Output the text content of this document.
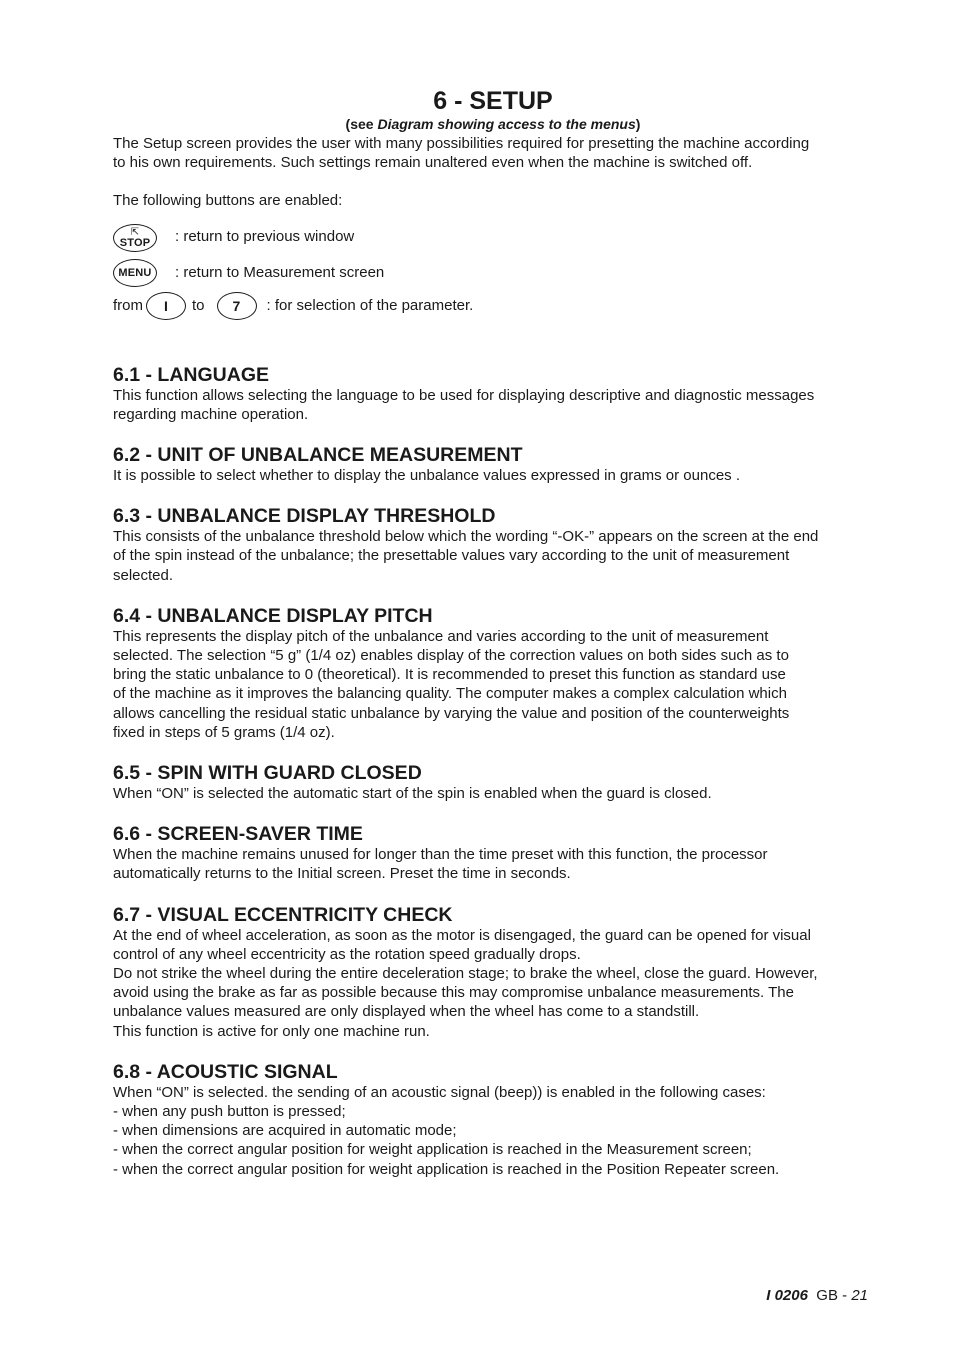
6 - SETUP
(see Diagram showing access to the menus)

The Setup screen provides the user with many possibilities required for presetting the machine according

to his own requirements. Such settings remain unaltered even when the machine is switched off.

The following buttons are enabled:

⇱
STOP : return to previous window
MENU : return to Measurement screen
from	I	to	7	: for selection of the parameter.
6.1 - LANGUAGE

This function allows selecting the language to be used for displaying descriptive and diagnostic messages

regarding machine operation.

6.2 - UNIT OF UNBALANCE MEASUREMENT

It is possible to select whether to display the unbalance values expressed in grams or ounces .

6.3 - UNBALANCE DISPLAY THRESHOLD

This consists of the unbalance threshold below which the wording “-OK-” appears on the screen at the end

of the spin instead of the unbalance; the presettable values vary according to the unit of measurement

selected.

6.4 - UNBALANCE DISPLAY PITCH

This represents the display pitch of the unbalance and varies according to the unit of measurement

selected. The selection “5 g” (1/4 oz) enables display of the correction values on both sides such as to

bring the static unbalance to 0 (theoretical). It is recommended to preset this function as standard use

of the machine as it improves the balancing quality. The computer makes a complex calculation which

allows cancelling the residual static unbalance by varying the value and position of the counterweights

fixed in steps of 5 grams (1/4 oz).

6.5 - SPIN WITH GUARD CLOSED

When “ON” is selected the automatic start of the spin is enabled when the guard is closed.

6.6 - SCREEN-SAVER TIME

When the machine remains unused for longer than the time preset with this function, the processor

automatically returns to the Initial screen. Preset the time in seconds.

6.7 - VISUAL ECCENTRICITY CHECK

At the end of wheel acceleration, as soon as the motor is disengaged, the guard can be opened for visual

control of any wheel eccentricity as the rotation speed gradually drops.

Do not strike the wheel during the entire deceleration stage; to brake the wheel, close the guard. However,

avoid using the brake as far as possible because this may compromise unbalance measurements. The

unbalance values measured are only displayed when the wheel has come to a standstill.

This function is active for only one machine run.

6.8 - ACOUSTIC SIGNAL

When “ON” is selected. the sending of an acoustic signal (beep)) is enabled in the following cases:

- when any push button is pressed;

- when dimensions are acquired in automatic mode;

- when the correct angular position for weight application is reached in the Measurement screen;

- when the correct angular position for weight application is reached in the Position Repeater screen.

I 0206 GB - 21
